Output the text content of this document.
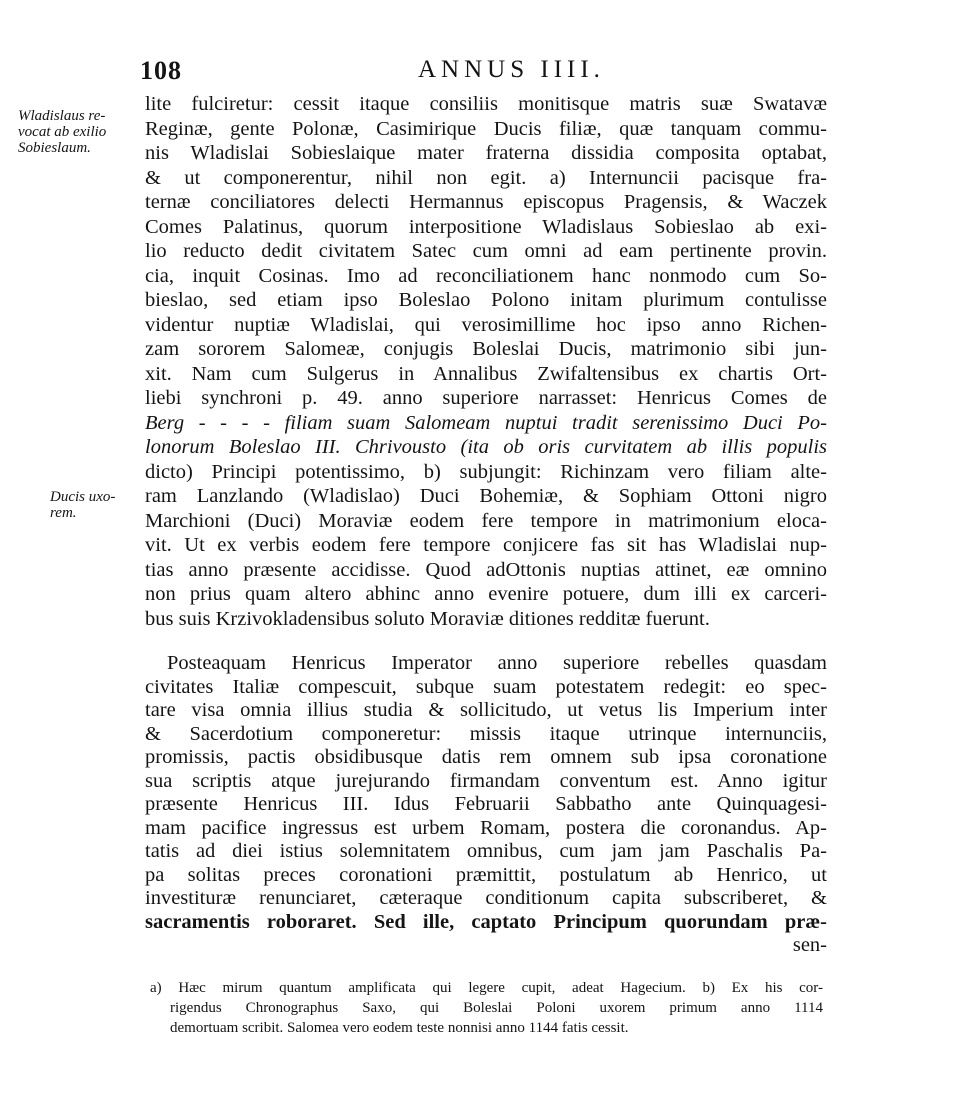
108	ANNUS IIII.
Wladislaus re-
vocat ab exilio
Sobieslaum.
Ducis uxo-
rem.
lite fulciretur: cessit itaque consiliis monitisque matris suæ Swatavæ
Reginæ, gente Polonæ, Casimirique Ducis filiæ, quæ tanquam commu-
nis Wladislai Sobieslaique mater fraterna dissidia composita optabat,
& ut componerentur, nihil non egit. a) Internuncii pacisque fra-
ternæ conciliatores delecti Hermannus episcopus Pragensis, & Waczek
Comes Palatinus, quorum interpositione Wladislaus Sobieslao ab exi-
lio reducto dedit civitatem Satec cum omni ad eam pertinente provin.
cia, inquit Cosinas. Imo ad reconciliationem hanc nonmodo cum So-
bieslao, sed etiam ipso Boleslao Polono initam plurimum contulisse
videntur nuptiæ Wladislai, qui verosimillime hoc ipso anno Richen-
zam sororem Salomeæ, conjugis Boleslai Ducis, matrimonio sibi jun-
xit. Nam cum Sulgerus in Annalibus Zwifaltensibus ex chartis Ort-
liebi synchroni p. 49. anno superiore narrasset: Henricus Comes de
Berg - - - - filiam suam Salomeam nuptui tradit serenissimo Duci Po-
lonorum Boleslao III. Chrivousto (ita ob oris curvitatem ab illis populis
dicto) Principi potentissimo, b) subjungit: Richinzam vero filiam alte-
ram Lanzlando (Wladislao) Duci Bohemiæ, & Sophiam Ottoni nigro
Marchioni (Duci) Moraviæ eodem fere tempore in matrimonium eloca-
vit. Ut ex verbis eodem fere tempore conjicere fas sit has Wladislai nup-
tias anno præsente accidisse. Quod adOttonis nuptias attinet, eæ omnino
non prius quam altero abhinc anno evenire potuere, dum illi ex carceri-
bus suis Krzivokladensibus soluto Moraviæ ditiones redditæ fuerunt.
Posteaquam Henricus Imperator anno superiore rebelles quasdam
civitates Italiæ compescuit, subque suam potestatem redegit: eo spec-
tare visa omnia illius studia & sollicitudo, ut vetus lis Imperium inter
& Sacerdotium componeretur: missis itaque utrinque internunciis,
promissis, pactis obsidibusque datis rem omnem sub ipsa coronatione
sua scriptis atque jurejurando firmandam conventum est. Anno igitur
præsente Henricus III. Idus Februarii Sabbatho ante Quinquagesi-
mam pacifice ingressus est urbem Romam, postera die coronandus. Ap-
tatis ad diei istius solemnitatem omnibus, cum jam jam Paschalis Pa-
pa solitas preces coronationi præmittit, postulatum ab Henrico, ut
investituræ renunciaret, cæteraque conditionum capita subscriberet, &
sacramentis roboraret. Sed ille, captato Principum quorundam præ-
sen-
a) Hæc mirum quantum amplificata qui legere cupit, adeat Hagecium. b) Ex his cor-
rigendus Chronographus Saxo, qui Boleslai Poloni uxorem primum anno 1114
demortuam scribit. Salomea vero eodem teste nonnisi anno 1144 fatis cessit.
